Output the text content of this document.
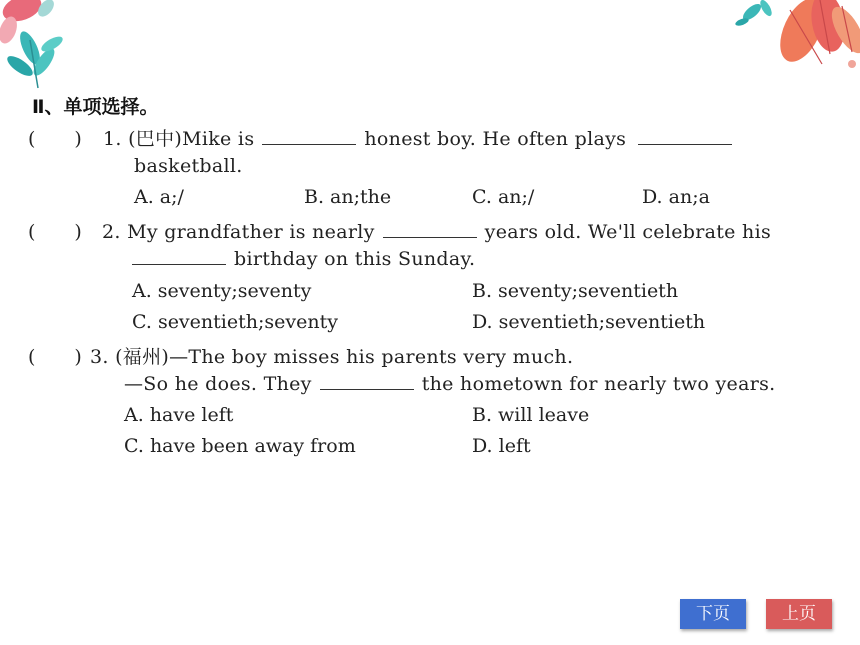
Ⅱ、单项选择。
(　　) 1. (巴中)Mike is	honest boy. He often plays
basketball.
A. a;/	B. an;the	C. an;/	D. an;a
(　　) 2. My grandfather is nearly	years old. We'll celebrate his
birthday on this Sunday.
A. seventy;seventy	B. seventy;seventieth
C. seventieth;seventy	D. seventieth;seventieth
(　　) 3. (福州)—The boy misses his parents very much.
—So he does. They	the hometown for nearly two years.
A. have left	B. will leave
C. have been away from	D. left
下页	上页
